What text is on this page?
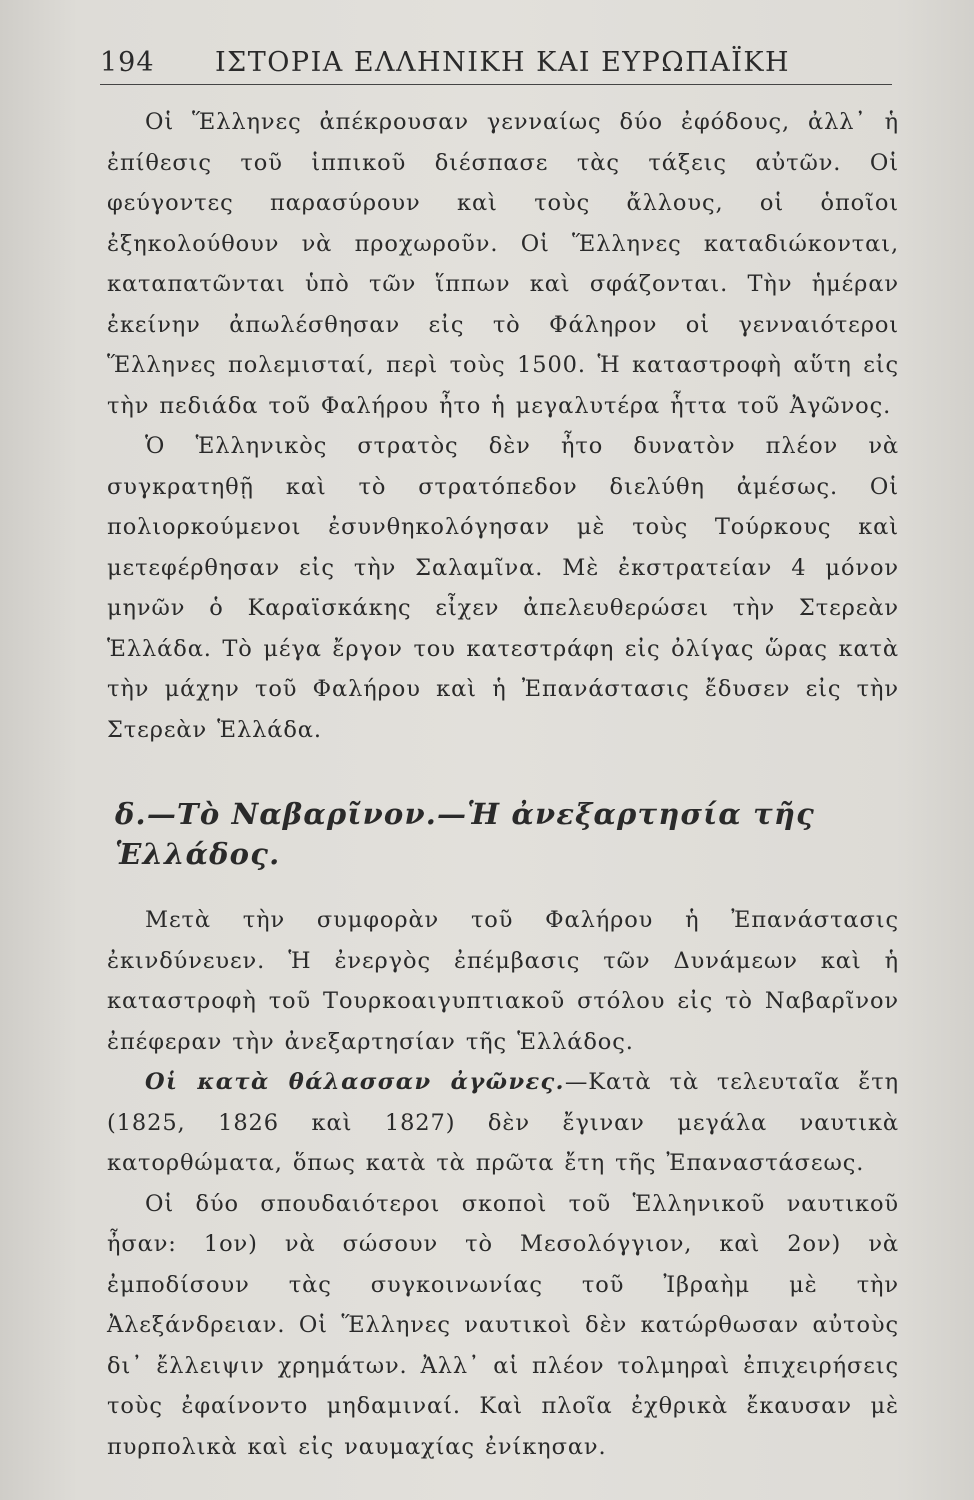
194	ΙΣΤΟΡΙΑ ΕΛΛΗΝΙΚΗ ΚΑΙ ΕΥΡΩΠΑΪΚΗ

Οἱ Ἕλληνες ἀπέκρουσαν γενναίως δύο ἐφόδους, ἀλλ᾽ ἡ ἐπίθεσις τοῦ ἱππικοῦ διέσπασε τὰς τάξεις αὐτῶν. Οἱ φεύγοντες παρασύρουν καὶ τοὺς ἄλλους, οἱ ὁποῖοι ἐξηκολούθουν νὰ προχωροῦν. Οἱ Ἕλληνες καταδιώκονται, καταπατῶνται ὑπὸ τῶν ἵππων καὶ σφάζονται. Τὴν ἡμέραν ἐκείνην ἀπωλέσθησαν εἰς τὸ Φάληρον οἱ γενναιότεροι Ἕλληνες πολεμισταί, περὶ τοὺς 1500. Ἡ καταστροφὴ αὕτη εἰς τὴν πεδιάδα τοῦ Φαλήρου ἦτο ἡ μεγαλυτέρα ἧττα τοῦ Ἀγῶνος.

Ὁ Ἑλληνικὸς στρατὸς δὲν ἦτο δυνατὸν πλέον νὰ συγκρατηθῇ καὶ τὸ στρατόπεδον διελύθη ἀμέσως. Οἱ πολιορκούμενοι ἐσυνθηκολόγησαν μὲ τοὺς Τούρκους καὶ μετεφέρθησαν εἰς τὴν Σαλαμῖνα. Μὲ ἐκστρατείαν 4 μόνον μηνῶν ὁ Καραϊσκάκης εἶχεν ἀπελευθερώσει τὴν Στερεὰν Ἑλλάδα. Τὸ μέγα ἔργον του κατεστράφη εἰς ὀλίγας ὥρας κατὰ τὴν μάχην τοῦ Φαλήρου καὶ ἡ Ἐπανάστασις ἔδυσεν εἰς τὴν Στερεὰν Ἑλλάδα.

δ.—Τὸ Ναβαρῖνον.—Ἡ ἀνεξαρτησία τῆς Ἑλλάδος.

Μετὰ τὴν συμφορὰν τοῦ Φαλήρου ἡ Ἐπανάστασις ἐκινδύνευεν. Ἡ ἐνεργὸς ἐπέμβασις τῶν Δυνάμεων καὶ ἡ καταστροφὴ τοῦ Τουρκοαιγυπτιακοῦ στόλου εἰς τὸ Ναβαρῖνον ἐπέφεραν τὴν ἀνεξαρτησίαν τῆς Ἑλλάδος.

Οἱ κατὰ θάλασσαν ἀγῶνες.—Κατὰ τὰ τελευταῖα ἔτη (1825, 1826 καὶ 1827) δὲν ἔγιναν μεγάλα ναυτικὰ κατορθώματα, ὅπως κατὰ τὰ πρῶτα ἔτη τῆς Ἐπαναστάσεως.

Οἱ δύο σπουδαιότεροι σκοποὶ τοῦ Ἑλληνικοῦ ναυτικοῦ ἦσαν: 1ον) νὰ σώσουν τὸ Μεσολόγγιον, καὶ 2ον) νὰ ἐμποδίσουν τὰς συγκοινωνίας τοῦ Ἰβραὴμ μὲ τὴν Ἀλεξάνδρειαν. Οἱ Ἕλληνες ναυτικοὶ δὲν κατώρθωσαν αὐτοὺς δι᾽ ἔλλειψιν χρημάτων. Ἀλλ᾽ αἱ πλέον τολμηραὶ ἐπιχειρήσεις τοὺς ἐφαίνοντο μηδαμιναί. Καὶ πλοῖα ἐχθρικὰ ἔκαυσαν μὲ πυρπολικὰ καὶ εἰς ναυμαχίας ἐνίκησαν.
